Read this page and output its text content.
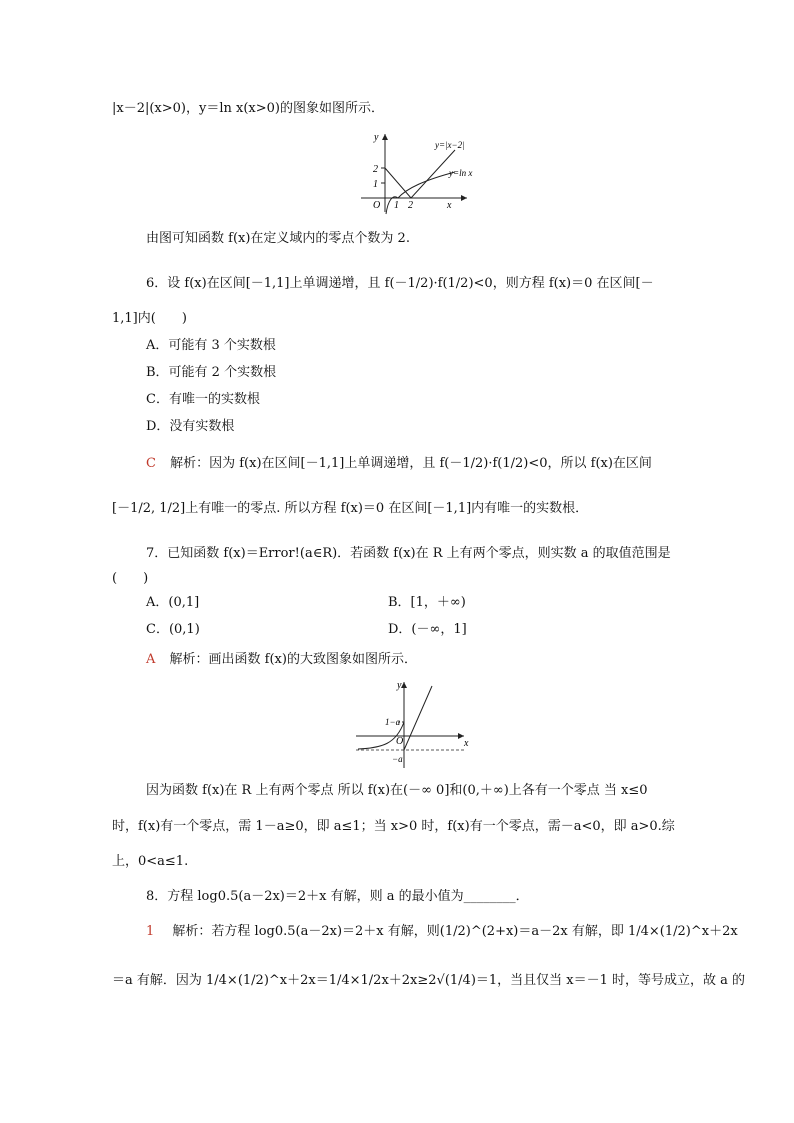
|x－2|(x>0)，y＝ln x(x>0)的图象如图所示．
y
x
O 1 2
1
2
y=|x−2|
y=ln x
由图可知函数 f(x)在定义域内的零点个数为 2.
6．设 f(x)在区间[－1,1]上单调递增，且 f(－1/2)·f(1/2)<0，则方程 f(x)＝0 在区间[－
1,1]内(　　)
A．可能有 3 个实数根
B．可能有 2 个实数根
C．有唯一的实数根
D．没有实数根
C 解析：因为 f(x)在区间[－1,1]上单调递增，且 f(－1/2)·f(1/2)<0，所以 f(x)在区间
[－1/2, 1/2]上有唯一的零点. 所以方程 f(x)＝0 在区间[－1,1]内有唯一的实数根．
7．已知函数 f(x)＝Error!(a∈R)．若函数 f(x)在 R 上有两个零点，则实数 a 的取值范围是
(　　)
A．(0,1]	B．[1，＋∞)
C．(0,1)	D．(－∞，1]
A 解析：画出函数 f(x)的大致图象如图所示．
y
x
O
1−a
−a
因为函数 f(x)在 R 上有两个零点 所以 f(x)在(－∞ 0]和(0,＋∞)上各有一个零点 当 x≤0
时，f(x)有一个零点，需 1－a≥0，即 a≤1；当 x>0 时，f(x)有一个零点，需－a<0，即 a>0.综
上，0<a≤1.
8．方程 log0.5(a－2x)＝2＋x 有解，则 a 的最小值为________．
1 解析：若方程 log0.5(a－2x)＝2＋x 有解，则(1/2)^(2+x)＝a－2x 有解，即 1/4×(1/2)^x＋2x
＝a 有解．因为 1/4×(1/2)^x＋2x＝1/4×1/2x＋2x≥2√(1/4)＝1，当且仅当 x＝－1 时，等号成立，故 a 的
